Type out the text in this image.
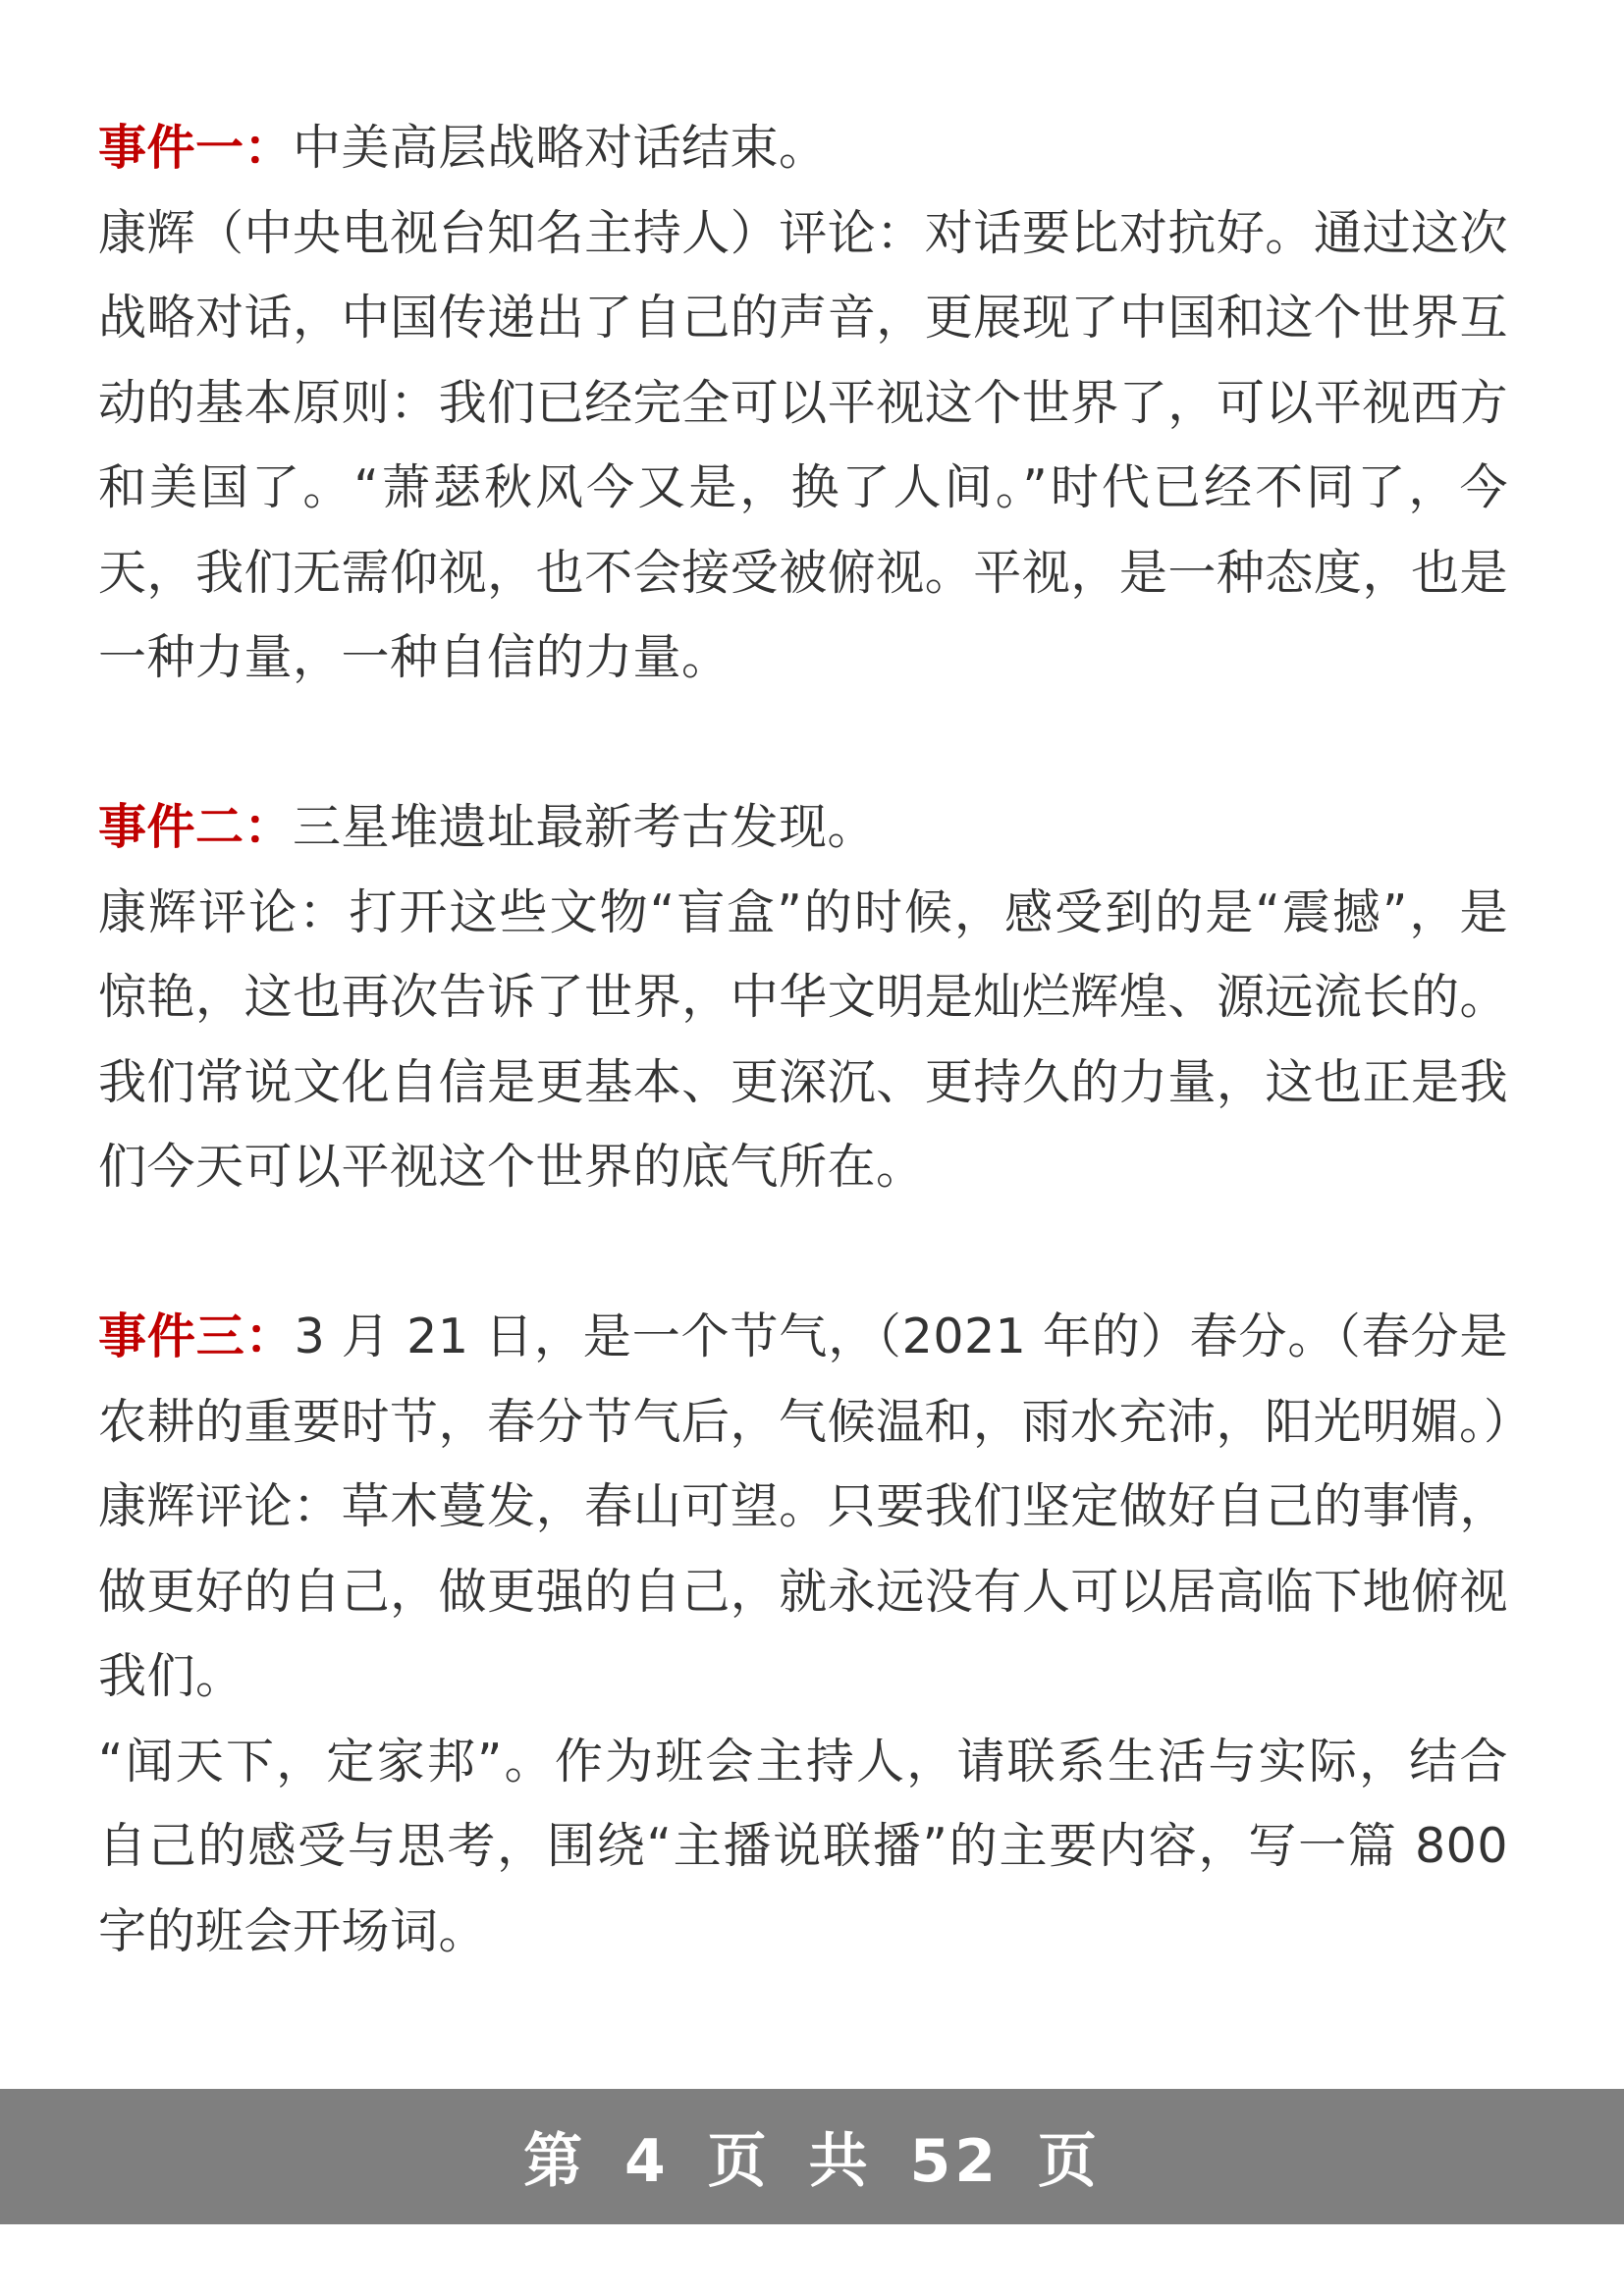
事件一：中美高层战略对话结束。

康辉（中央电视台知名主持人）评论：对话要比对抗好。通过这次战略对话，中国传递出了自己的声音，更展现了中国和这个世界互动的基本原则：我们已经完全可以平视这个世界了，可以平视西方和美国了。“萧瑟秋风今又是，换了人间。”时代已经不同了，今天，我们无需仰视，也不会接受被俯视。平视，是一种态度，也是一种力量，一种自信的力量。

事件二：三星堆遗址最新考古发现。

康辉评论：打开这些文物“盲盒”的时候，感受到的是“震撼”，是惊艳，这也再次告诉了世界，中华文明是灿烂辉煌、源远流长的。我们常说文化自信是更基本、更深沉、更持久的力量，这也正是我们今天可以平视这个世界的底气所在。

事件三：3 月 21 日，是一个节气，（2021 年的）春分。（春分是农耕的重要时节，春分节气后，气候温和，雨水充沛，阳光明媚。）

康辉评论：草木蔓发，春山可望。只要我们坚定做好自己的事情，做更好的自己，做更强的自己，就永远没有人可以居高临下地俯视我们。

“闻天下，定家邦”。作为班会主持人，请联系生活与实际，结合自己的感受与思考，围绕“主播说联播”的主要内容，写一篇 800 字的班会开场词。

第 4 页 共 52 页
